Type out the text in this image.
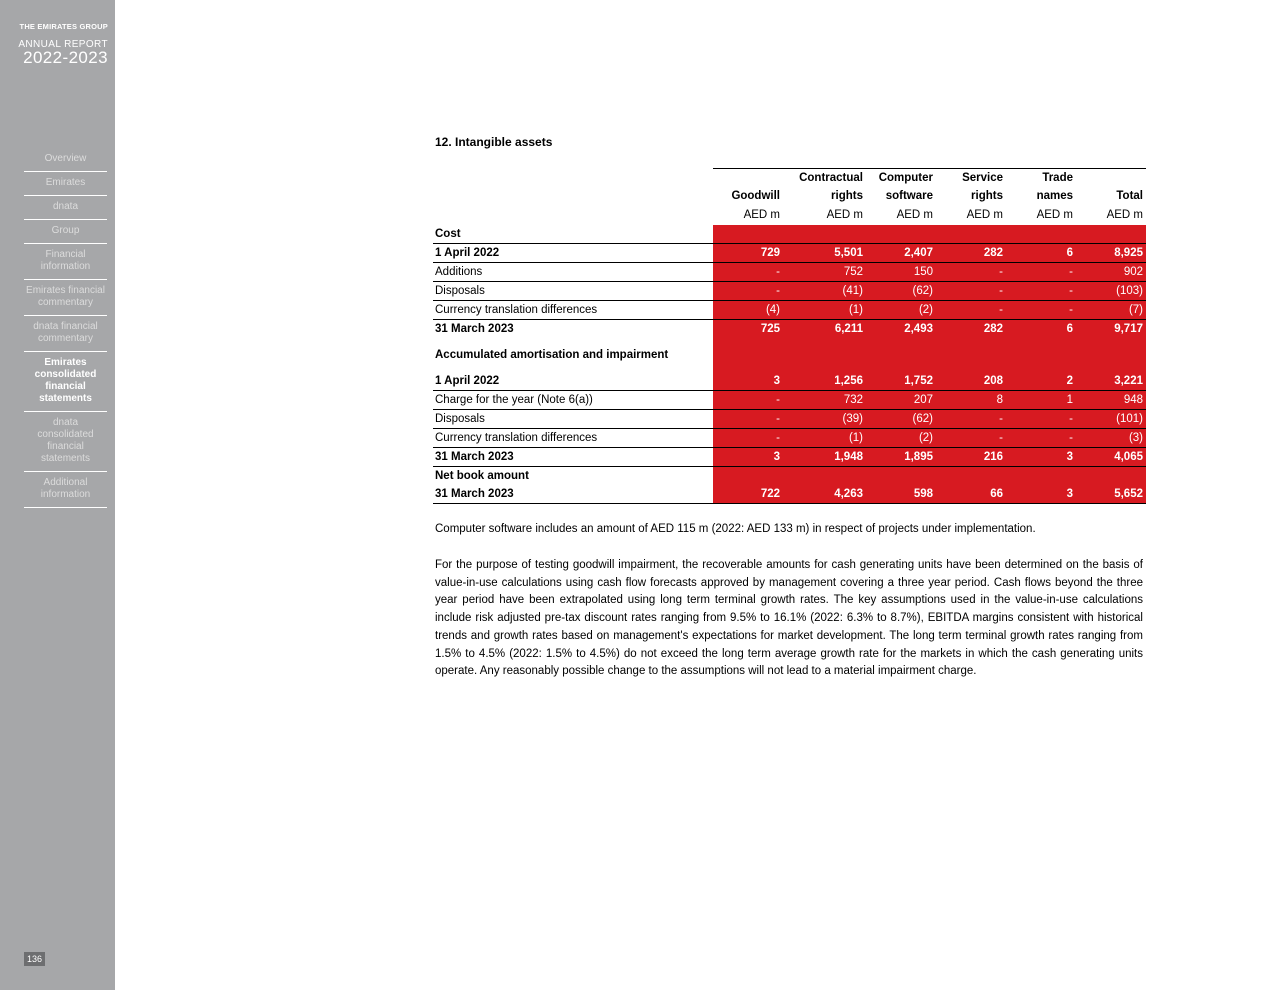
THE EMIRATES GROUP
ANNUAL REPORT
2022-2023
Overview
Emirates
dnata
Group
Financial information
Emirates financial commentary
dnata financial commentary
Emirates consolidated financial statements
dnata consolidated financial statements
Additional information
136
12. Intangible assets
		Contractual	Computer	Service	Trade	
	Goodwill	rights	software	rights	names	Total
	AED m	AED m	AED m	AED m	AED m	AED m
Cost						
1 April 2022	729	5,501	2,407	282	6	8,925
Additions	-	752	150	-	-	902
Disposals	-	(41)	(62)	-	-	(103)
Currency translation differences	(4)	(1)	(2)	-	-	(7)
31 March 2023	725	6,211	2,493	282	6	9,717
Accumulated amortisation and impairment						
1 April 2022	3	1,256	1,752	208	2	3,221
Charge for the year (Note 6(a))	-	732	207	8	1	948
Disposals	-	(39)	(62)	-	-	(101)
Currency translation differences	-	(1)	(2)	-	-	(3)
31 March 2023	3	1,948	1,895	216	3	4,065
Net book amount						
31 March 2023	722	4,263	598	66	3	5,652

Computer software includes an amount of AED 115 m (2022: AED 133 m) in respect of projects under implementation.

For the purpose of testing goodwill impairment, the recoverable amounts for cash generating units have been determined on the basis of value-in-use calculations using cash flow forecasts approved by management covering a three year period. Cash flows beyond the three year period have been extrapolated using long term terminal growth rates. The key assumptions used in the value-in-use calculations include risk adjusted pre-tax discount rates ranging from 9.5% to 16.1% (2022: 6.3% to 8.7%), EBITDA margins consistent with historical trends and growth rates based on management's expectations for market development. The long term terminal growth rates ranging from 1.5% to 4.5% (2022: 1.5% to 4.5%) do not exceed the long term average growth rate for the markets in which the cash generating units operate. Any reasonably possible change to the assumptions will not lead to a material impairment charge.
